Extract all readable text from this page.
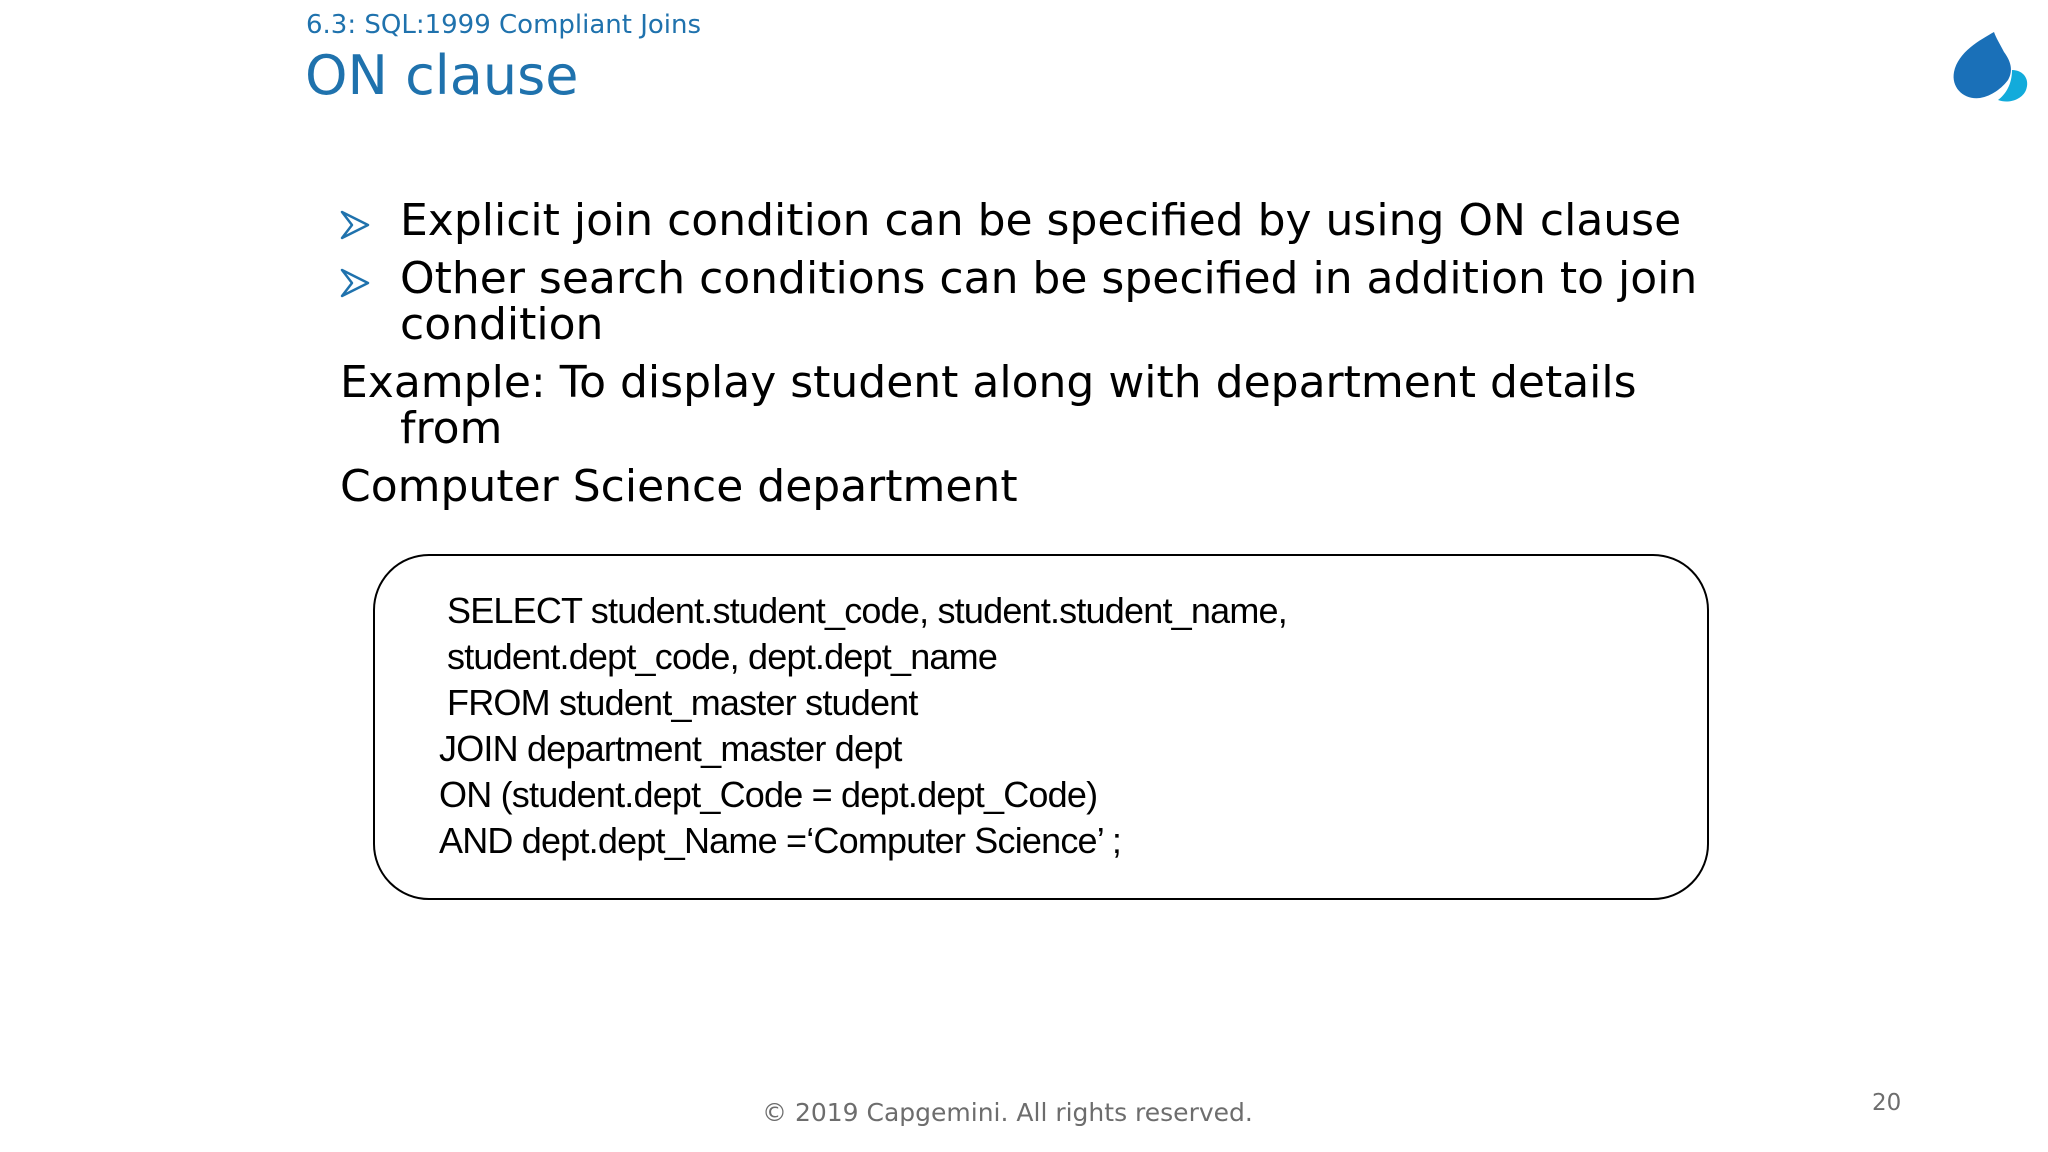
6.3: SQL:1999 Compliant Joins
ON clause
Explicit join condition can be specified by using ON clause
Other search conditions can be specified in addition to join condition
Example: To display student along with department details from
Computer Science department
SELECT student.student_code, student.student_name,
student.dept_code, dept.dept_name
FROM student_master student
JOIN department_master dept
ON (student.dept_Code = dept.dept_Code)
AND dept.dept_Name =‘Computer Science’ ;
© 2019 Capgemini. All rights reserved.	20
